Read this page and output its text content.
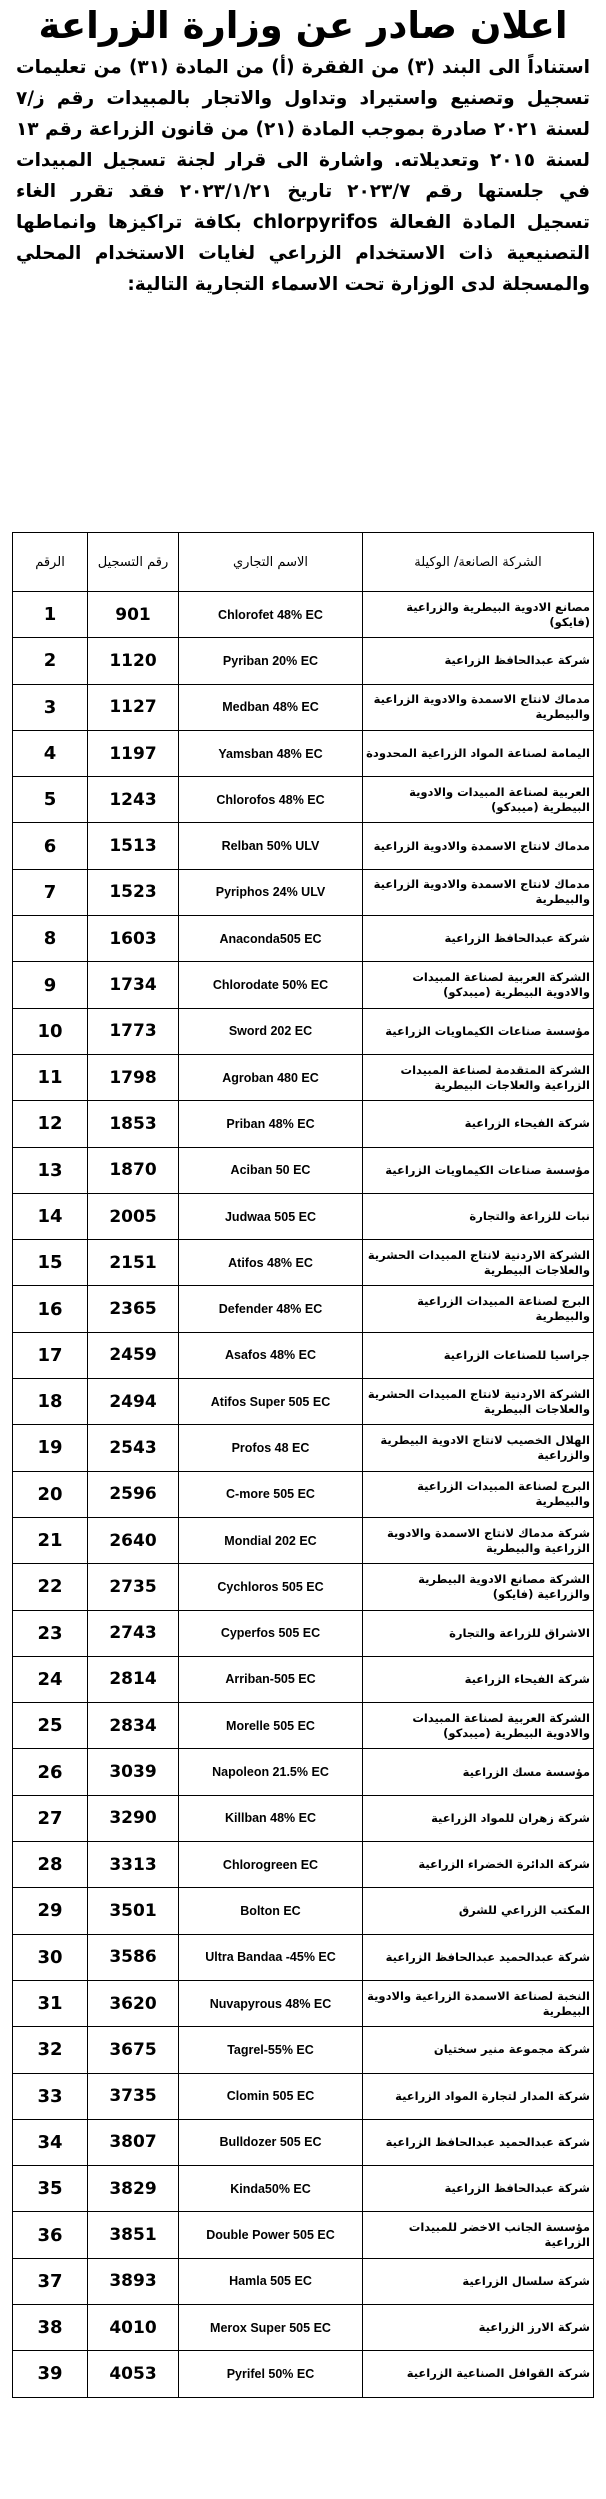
اعلان صادر عن وزارة الزراعة

استناداً الى البند (٣) من الفقرة (أ) من المادة (٣١) من تعليمات تسجيل وتصنيع واستيراد وتداول والاتجار بالمبيدات رقم ز/٧ لسنة ٢٠٢١ صادرة بموجب المادة (٢١) من قانون الزراعة رقم ١٣ لسنة ٢٠١٥ وتعديلاته. واشارة الى قرار لجنة تسجيل المبيدات في جلستها رقم ٢٠٢٣/٧ تاريخ ٢٠٢٣/١/٢١ فقد تقرر الغاء تسجيل المادة الفعالة chlorpyrifos بكافة تراكيزها وانماطها التصنيعية ذات الاستخدام الزراعي لغايات الاستخدام المحلي والمسجلة لدى الوزارة تحت الاسماء التجارية التالية:

الرقم	رقم التسجيل	الاسم التجاري	الشركة الصانعة/ الوكيلة
1	901	Chlorofet 48% EC	مصانع الادوية البيطرية والزراعية (فايكو)
2	1120	Pyriban 20% EC	شركة عبدالحافظ الزراعية
3	1127	Medban 48% EC	مدماك لانتاج الاسمدة والادوية الزراعية والبيطرية
4	1197	Yamsban 48% EC	اليمامة لصناعة المواد الزراعية المحدودة
5	1243	Chlorofos 48% EC	العربية لصناعة المبيدات والادوية البيطرية (ميبدكو)
6	1513	Relban 50% ULV	مدماك لانتاج الاسمدة والادوية الزراعية
7	1523	Pyriphos 24% ULV	مدماك لانتاج الاسمدة والادوية الزراعية والبيطرية
8	1603	Anaconda505 EC	شركة عبدالحافظ الزراعية
9	1734	Chlorodate 50% EC	الشركة العربية لصناعة المبيدات والادوية البيطرية (ميبدكو)
10	1773	Sword 202 EC	مؤسسة صناعات الكيماويات الزراعية
11	1798	Agroban 480 EC	الشركة المتقدمة لصناعة المبيدات الزراعية والعلاجات البيطرية
12	1853	Priban 48% EC	شركة الفيحاء الزراعية
13	1870	Aciban 50 EC	مؤسسة صناعات الكيماويات الزراعية
14	2005	Judwaa 505 EC	نبات للزراعة والتجارة
15	2151	Atifos 48% EC	الشركة الاردنية لانتاج المبيدات الحشرية والعلاجات البيطرية
16	2365	Defender 48% EC	البرج لصناعة المبيدات الزراعية والبيطرية
17	2459	Asafos 48% EC	جراسيا للصناعات الزراعية
18	2494	Atifos Super 505 EC	الشركة الاردنية لانتاج المبيدات الحشرية والعلاجات البيطرية
19	2543	Profos 48 EC	الهلال الخصيب لانتاج الادوية البيطرية والزراعية
20	2596	C-more 505 EC	البرج لصناعة المبيدات الزراعية والبيطرية
21	2640	Mondial 202 EC	شركة مدماك لانتاج الاسمدة والادوية الزراعية والبيطرية
22	2735	Cychloros 505 EC	الشركة مصانع الادوية البيطرية والزراعية (فايكو)
23	2743	Cyperfos 505 EC	الاشراق للزراعة والتجارة
24	2814	Arriban-505 EC	شركة الفيحاء الزراعية
25	2834	Morelle 505 EC	الشركة العربية لصناعة المبيدات والادوية البيطرية (ميبدكو)
26	3039	Napoleon 21.5% EC	مؤسسة مسك الزراعية
27	3290	Killban 48% EC	شركة زهران للمواد الزراعية
28	3313	Chlorogreen EC	شركة الدائرة الخضراء الزراعية
29	3501	Bolton EC	المكتب الزراعي للشرق
30	3586	Ultra Bandaa -45% EC	شركة عبدالحميد عبدالحافظ الزراعية
31	3620	Nuvapyrous 48% EC	النخبة لصناعة الاسمدة الزراعية والادوية البيطرية
32	3675	Tagrel-55% EC	شركة مجموعة منير سختيان
33	3735	Clomin 505 EC	شركة المدار لتجارة المواد الزراعية
34	3807	Bulldozer 505 EC	شركة عبدالحميد عبدالحافظ الزراعية
35	3829	Kinda50% EC	شركة عبدالحافظ الزراعية
36	3851	Double Power 505 EC	مؤسسة الجانب الاخضر للمبيدات الزراعية
37	3893	Hamla 505 EC	شركة سلسال الزراعية
38	4010	Merox Super 505 EC	شركة الارز الزراعية
39	4053	Pyrifel 50% EC	شركة القوافل الصناعية الزراعية
